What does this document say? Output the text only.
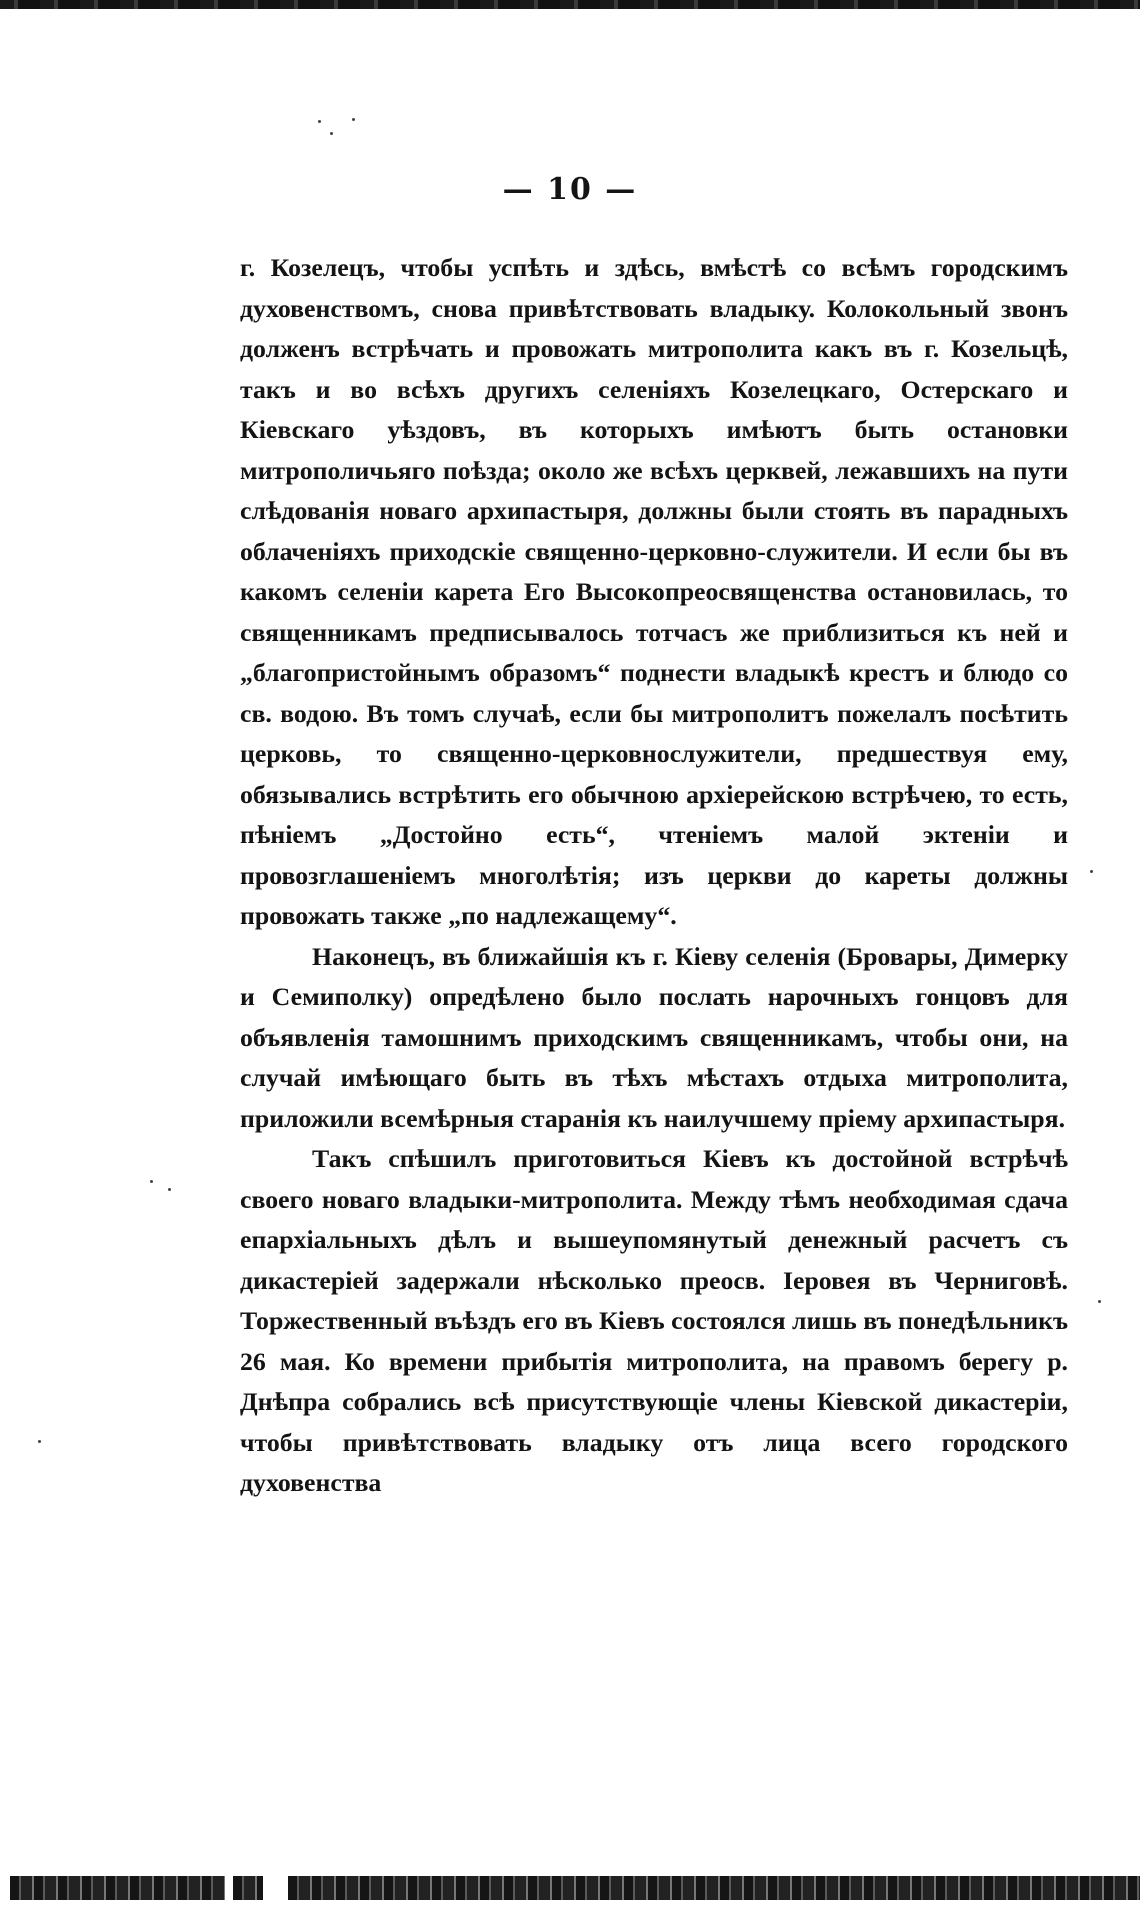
— 10 —

г. Козелецъ, чтобы успѣть и здѣсь, вмѣстѣ со всѣмъ городскимъ духовенствомъ, снова привѣтствовать владыку. Колокольный звонъ долженъ встрѣчать и провожать митрополита какъ въ г. Козельцѣ, такъ и во всѣхъ другихъ селеніяхъ Козелецкаго, Остерскаго и Кіевскаго уѣздовъ, въ которыхъ имѣютъ быть остановки митрополичьяго поѣзда; около же всѣхъ церквей, лежавшихъ на пути слѣдованія новаго архипастыря, должны были стоять въ парадныхъ облаченіяхъ приходскіе священно-церковно-служители. И если бы въ какомъ селеніи карета Его Высокопреосвященства остановилась, то священникамъ предписывалось тотчасъ же приблизиться къ ней и „благопристойнымъ образомъ“ поднести владыкѣ крестъ и блюдо со св. водою. Въ томъ случаѣ, если бы митрополитъ пожелалъ посѣтить церковь, то священно-церковнослужители, предшествуя ему, обязывались встрѣтить его обычною архіерейскою встрѣчею, то есть, пѣніемъ „Достойно есть“, чтеніемъ малой эктеніи и провозглашеніемъ многолѣтія; изъ церкви до кареты должны провожать также „по надлежащему“.

Наконецъ, въ ближайшія къ г. Кіеву селенія (Бровары, Димерку и Семиполку) опредѣлено было послать нарочныхъ гонцовъ для объявленія тамошнимъ приходскимъ священникамъ, чтобы они, на случай имѣющаго быть въ тѣхъ мѣстахъ отдыха митрополита, приложили всемѣрныя старанія къ наилучшему пріему архипастыря.

Такъ спѣшилъ приготовиться Кіевъ къ достойной встрѣчѣ своего новаго владыки-митрополита. Между тѣмъ необходимая сдача епархіальныхъ дѣлъ и вышеупомянутый денежный расчетъ съ дикастеріей задержали нѣсколько преосв. Іеровея въ Черниговѣ. Торжественный въѣздъ его въ Кіевъ состоялся лишь въ понедѣльникъ 26 мая. Ко времени прибытія митрополита, на правомъ берегу р. Днѣпра собрались всѣ присутствующіе члены Кіевской дикастеріи, чтобы привѣтствовать владыку отъ лица всего городского духовенства
